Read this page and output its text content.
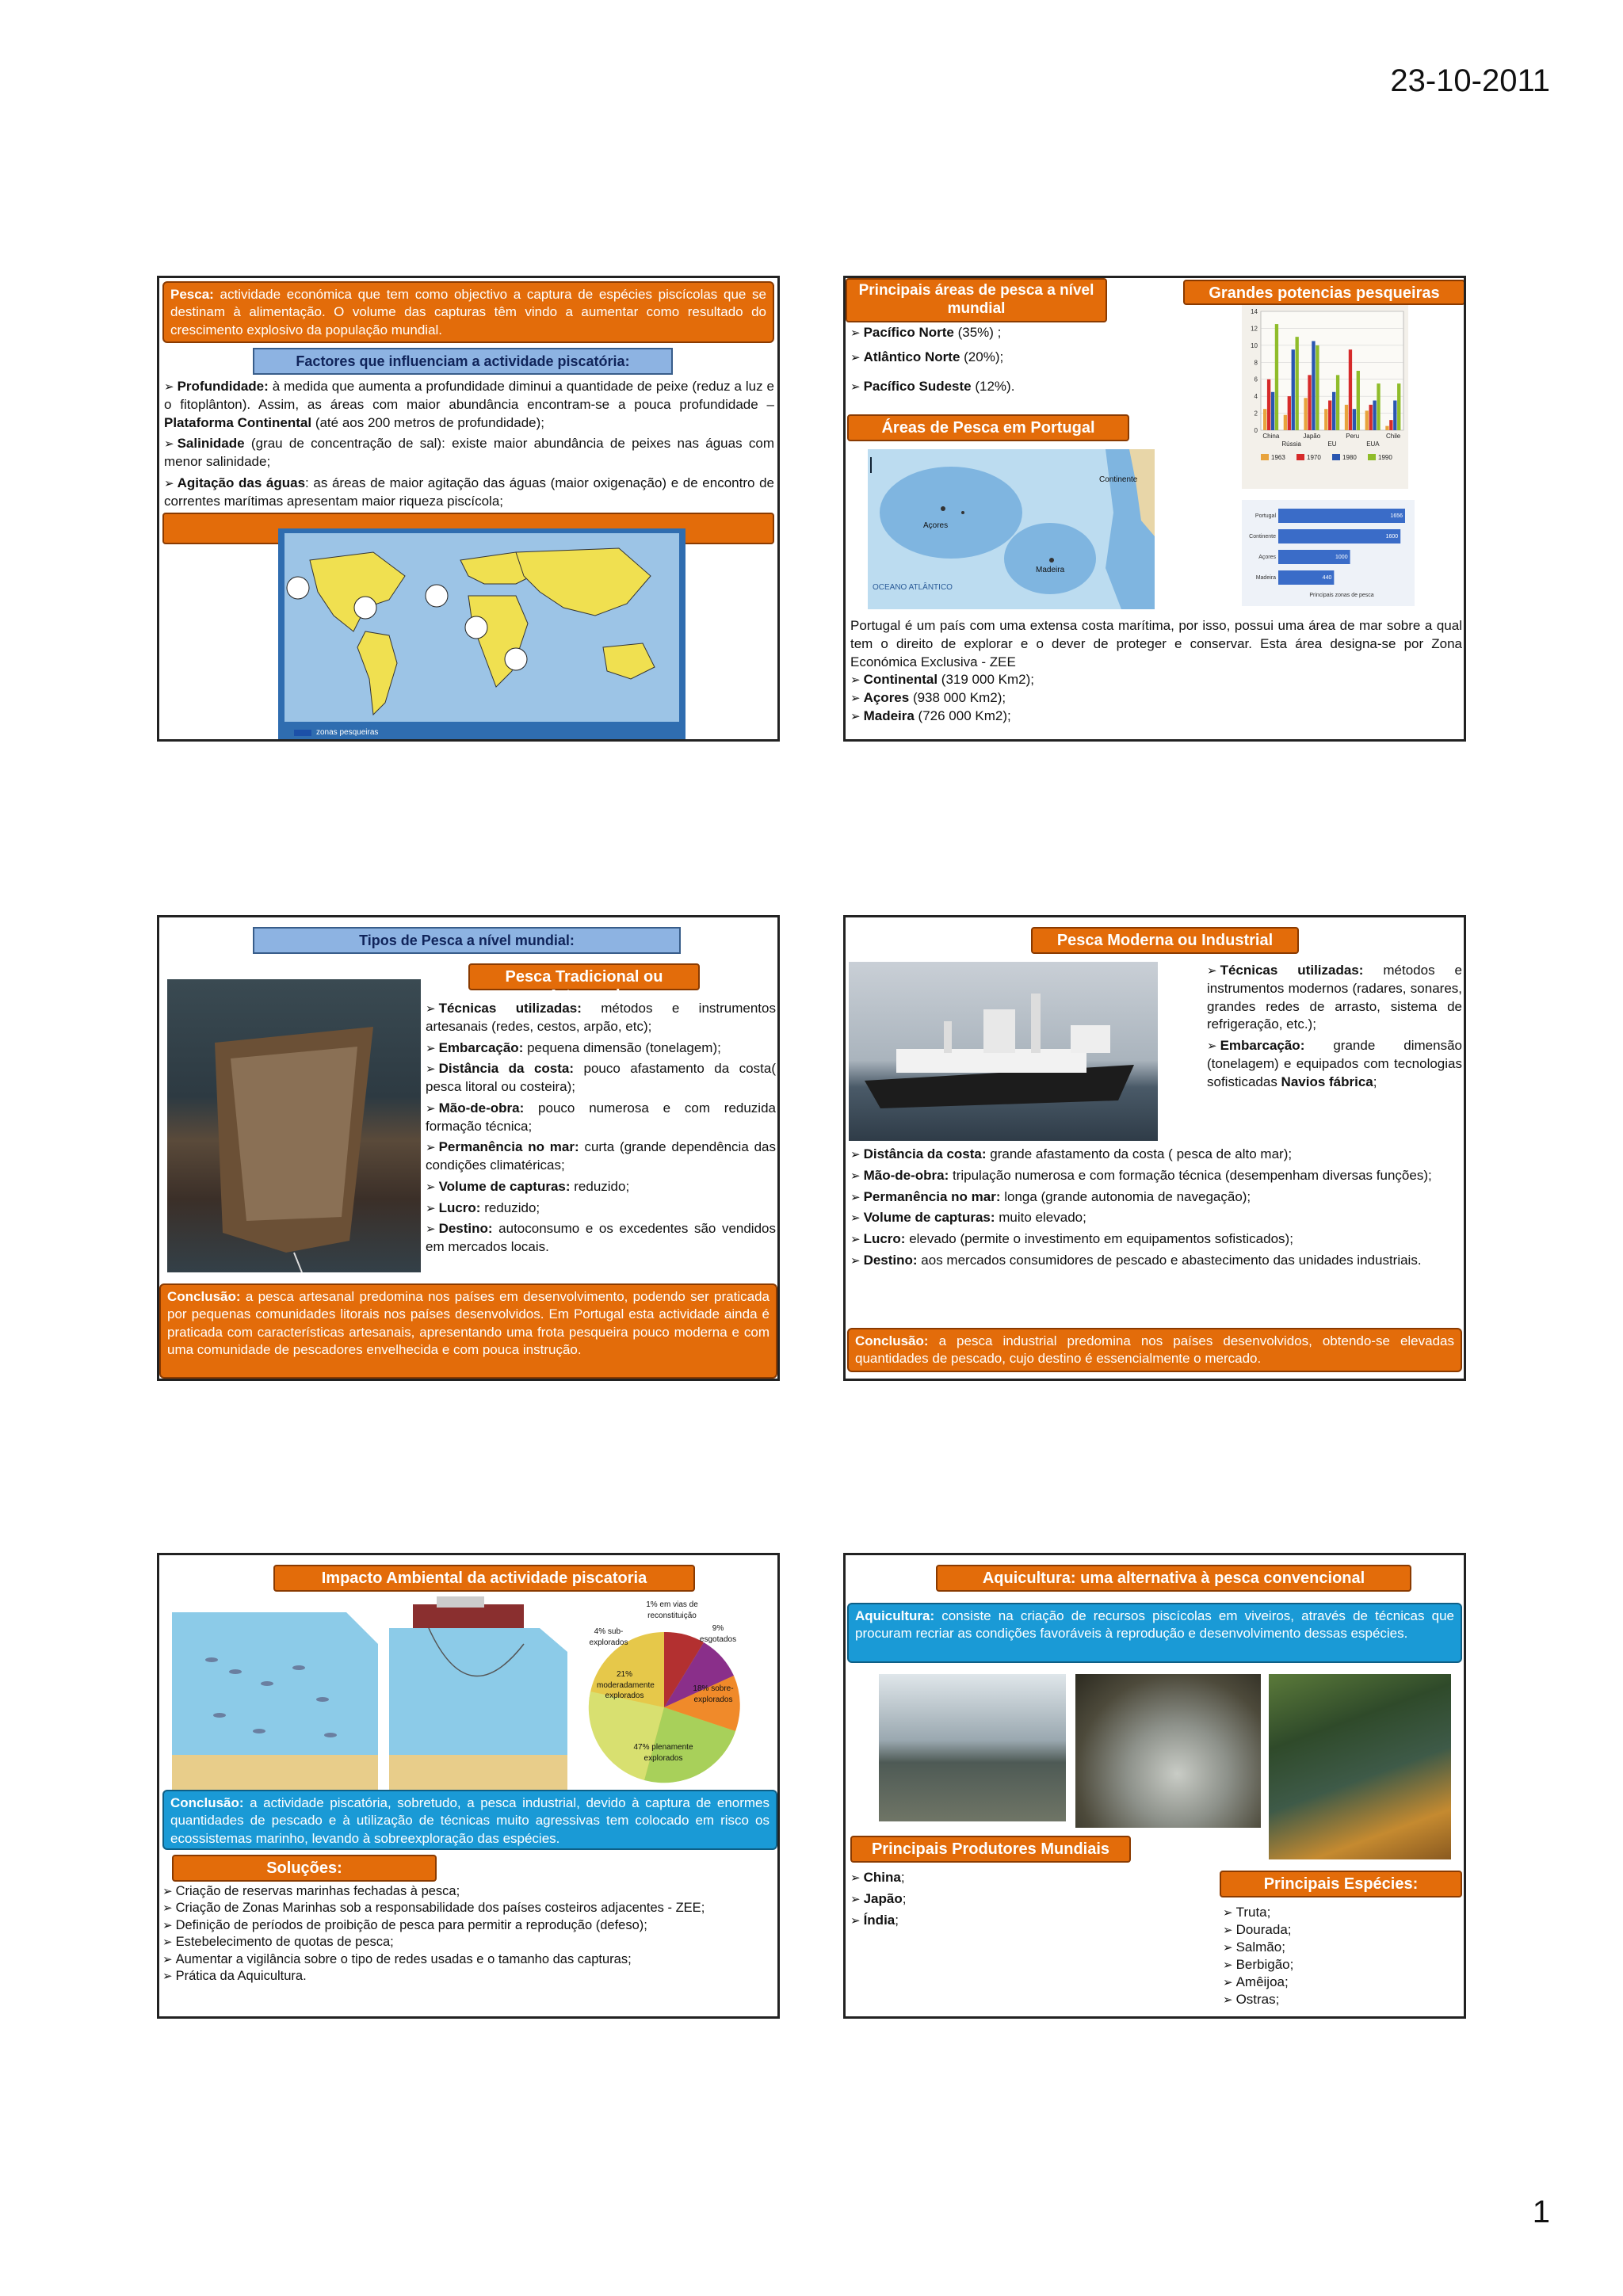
23-10-2011
1
Pesca: actividade económica que tem como objectivo a captura de espécies piscícolas que se destinam à alimentação. O volume das capturas têm vindo a aumentar como resultado do crescimento explosivo da população mundial.
Factores que influenciam a actividade piscatória:
➢ Profundidade: à medida que aumenta a profundidade diminui a quantidade de peixe (reduz a luz e o fitoplânton). Assim, as áreas com maior abundância encontram-se a pouca profundidade – Plataforma Continental (até aos 200 metros de profundidade);
➢ Salinidade (grau de concentração de sal): existe maior abundância de peixes nas águas com menor salinidade;
➢ Agitação das águas: as áreas de maior agitação das águas (maior oxigenação) e de encontro de correntes marítimas apresentam maior riqueza piscícola;
zonas pesqueiras
Principais áreas de pesca a nível mundial
➢ Pacífico Norte (35%) ;
➢ Atlântico Norte (20%);
➢ Pacífico Sudeste (12%).
Grandes potencias pesqueiras
0
2
4
6
8
10
12
14
China
Rússia
Japão
EU
Peru
EUA
Chile
1963	1970	1980	1990
Áreas de Pesca em Portugal
Continente
Açores
Madeira
OCEANO ATLÂNTICO
Portugal	1656
Continente	1600
Açores	1000
Madeira	440
Principais zonas de pesca
Portugal é um país com uma extensa costa marítima, por isso, possui uma área de mar sobre a qual tem o direito de explorar e o dever de proteger e conservar. Esta área designa-se por Zona Económica Exclusiva - ZEE
➢ Continental (319 000 Km2);
➢ Açores (938 000 Km2);
➢ Madeira (726 000 Km2);
Tipos de Pesca a nível mundial:
Pesca Tradicional ou Artesanal
➢ Técnicas utilizadas: métodos e instrumentos artesanais (redes, cestos, arpão, etc);
➢ Embarcação: pequena dimensão (tonelagem);
➢ Distância da costa: pouco afastamento da costa( pesca litoral ou costeira);
➢ Mão-de-obra: pouco numerosa e com reduzida formação técnica;
➢ Permanência no mar: curta (grande dependência das condições climatéricas;
➢ Volume de capturas: reduzido;
➢ Lucro: reduzido;
➢ Destino: autoconsumo e os excedentes são vendidos em mercados locais.
Conclusão: a pesca artesanal predomina nos países em desenvolvimento, podendo ser praticada por pequenas comunidades litorais nos países desenvolvidos. Em Portugal esta actividade ainda é praticada com características artesanais, apresentando uma frota pesqueira pouco moderna e com uma comunidade de pescadores envelhecida e com pouca instrução.
Pesca Moderna ou Industrial
➢ Técnicas utilizadas: métodos e instrumentos modernos (radares, sonares, grandes redes de arrasto, sistema de refrigeração, etc.);
➢ Embarcação: grande dimensão (tonelagem) e equipados com tecnologias sofisticadas Navios fábrica;
➢ Distância da costa: grande afastamento da costa ( pesca de alto mar);
➢ Mão-de-obra: tripulação numerosa e com formação técnica (desempenham diversas funções);
➢ Permanência no mar: longa (grande autonomia de navegação);
➢ Volume de capturas: muito elevado;
➢ Lucro: elevado (permite o investimento em equipamentos sofisticados);
➢ Destino: aos mercados consumidores de pescado e abastecimento das unidades industriais.
Conclusão: a pesca industrial predomina nos países desenvolvidos, obtendo-se elevadas quantidades de pescado, cujo destino é essencialmente o mercado.
Impacto Ambiental da actividade piscatoria
1% em vias de reconstituição
9% esgotados
4% sub-explorados
21% moderadamente explorados
18% sobre-explorados
47% plenamente explorados
Conclusão: a actividade piscatória, sobretudo, a pesca industrial, devido à captura de enormes quantidades de pescado e à utilização de técnicas muito agressivas tem colocado em risco os ecossistemas marinho, levando à sobreexploração das espécies.
Soluções:
➢ Criação de reservas marinhas fechadas à pesca;
➢ Criação de Zonas Marinhas sob a responsabilidade dos países costeiros adjacentes - ZEE;
➢ Definição de períodos de proibição de pesca para permitir a reprodução (defeso);
➢ Estebelecimento de quotas de pesca;
➢ Aumentar a vigilância sobre o tipo de redes usadas e o tamanho das capturas;
➢ Prática da Aquicultura.
Aquicultura: uma alternativa à pesca convencional
Aquicultura: consiste na criação de recursos piscícolas em viveiros, através de técnicas que procuram recriar as condições favoráveis à reprodução e desenvolvimento dessas espécies.
Principais Produtores Mundiais
➢ China;
➢ Japão;
➢ Índia;
Principais Espécies:
➢ Truta;
➢ Dourada;
➢ Salmão;
➢ Berbigão;
➢ Amêijoa;
➢ Ostras;
